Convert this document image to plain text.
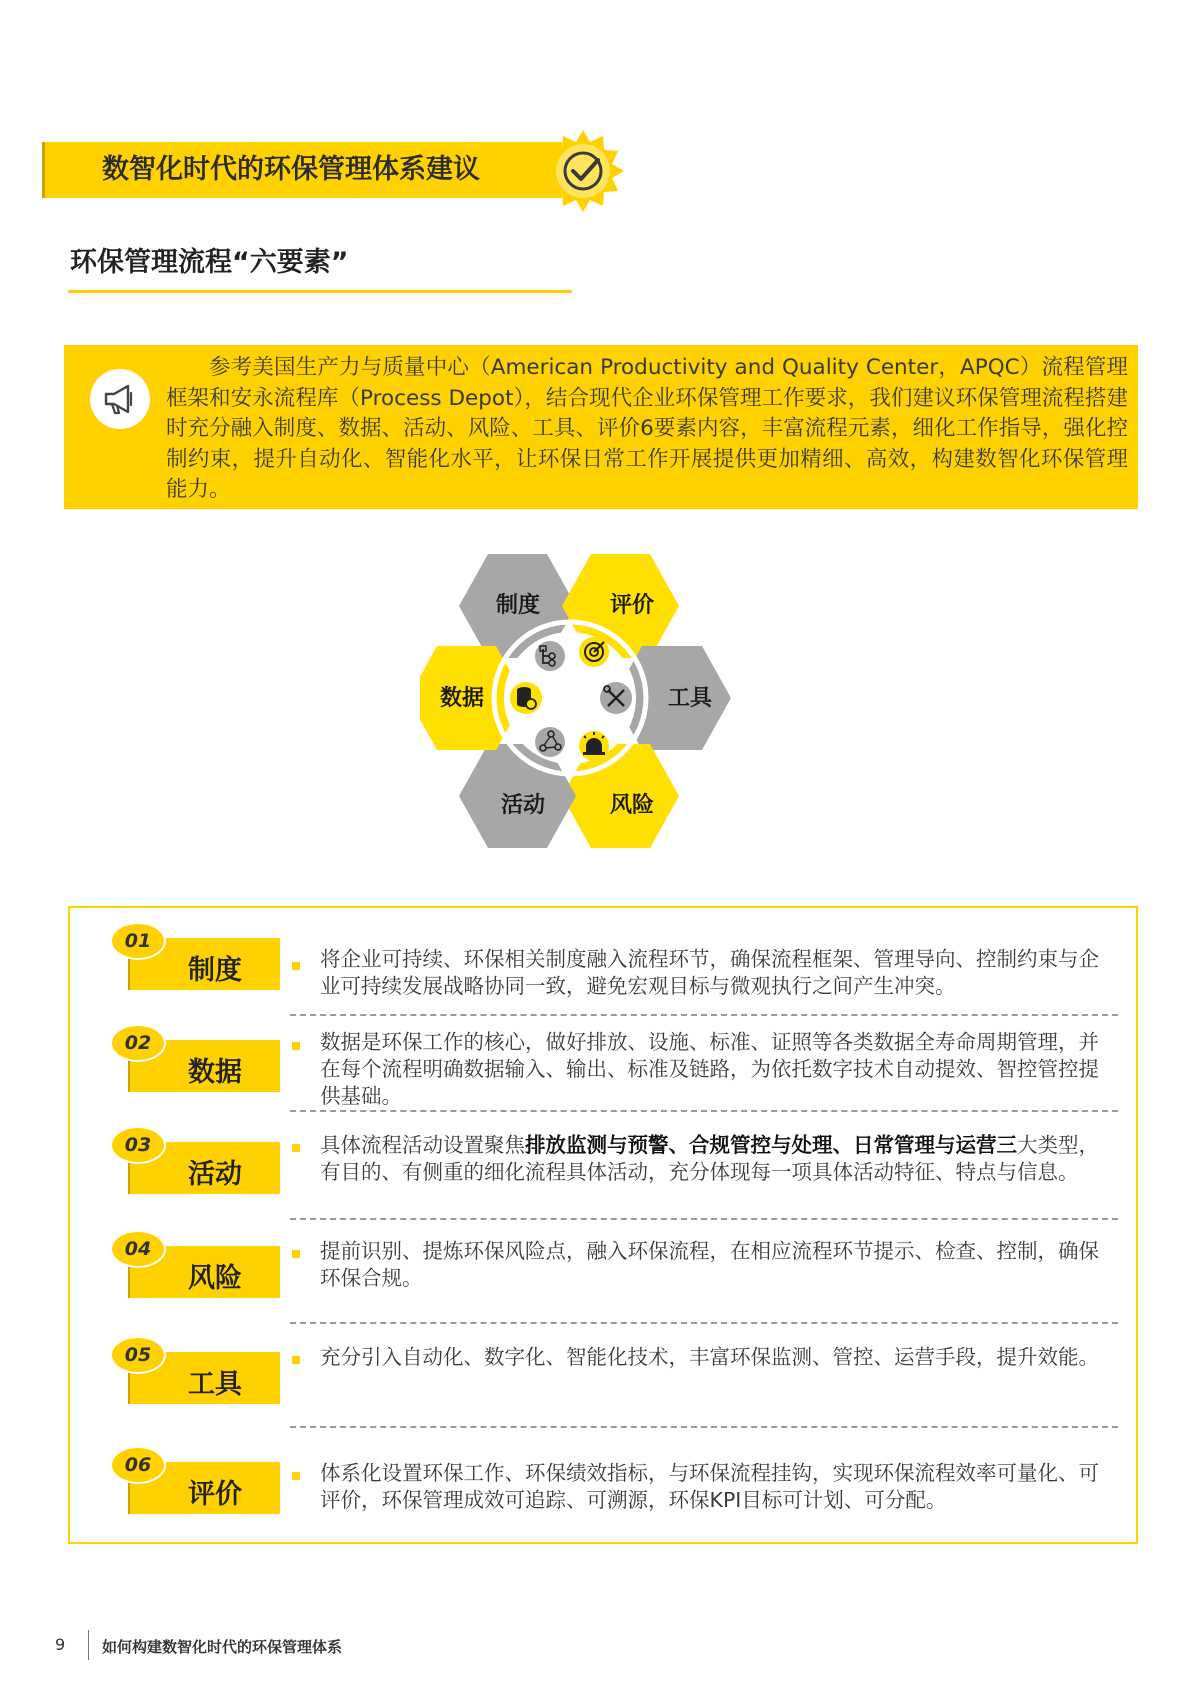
数智化时代的环保管理体系建议
环保管理流程“六要素”
参考美国生产力与质量中心（American Productivity and Quality Center，APQC）流程管理框架和安永流程库（Process Depot），结合现代企业环保管理工作要求，我们建议环保管理流程搭建时充分融入制度、数据、活动、风险、工具、评价6要素内容，丰富流程元素，细化工作指导，强化控制约束，提升自动化、智能化水平，让环保日常工作开展提供更加精细、高效，构建数智化环保管理能力。
制度	评价
工具
风险
活动
数据
01
制度	将企业可持续、环保相关制度融入流程环节，确保流程框架、管理导向、控制约束与企业可持续发展战略协同一致，避免宏观目标与微观执行之间产生冲突。
02
数据
数据是环保工作的核心，做好排放、设施、标准、证照等各类数据全寿命周期管理，并在每个流程明确数据输入、输出、标准及链路，为依托数字技术自动提效、智控管控提供基础。
03
活动
具体流程活动设置聚焦排放监测与预警、合规管控与处理、日常管理与运营三大类型，有目的、有侧重的细化流程具体活动，充分体现每一项具体活动特征、特点与信息。
04
风险
提前识别、提炼环保风险点，融入环保流程，在相应流程环节提示、检查、控制，确保环保合规。
05
工具
充分引入自动化、数字化、智能化技术，丰富环保监测、管控、运营手段，提升效能。
06
评价
体系化设置环保工作、环保绩效指标，与环保流程挂钩，实现环保流程效率可量化、可评价，环保管理成效可追踪、可溯源，环保KPI目标可计划、可分配。
9 如何构建数智化时代的环保管理体系
